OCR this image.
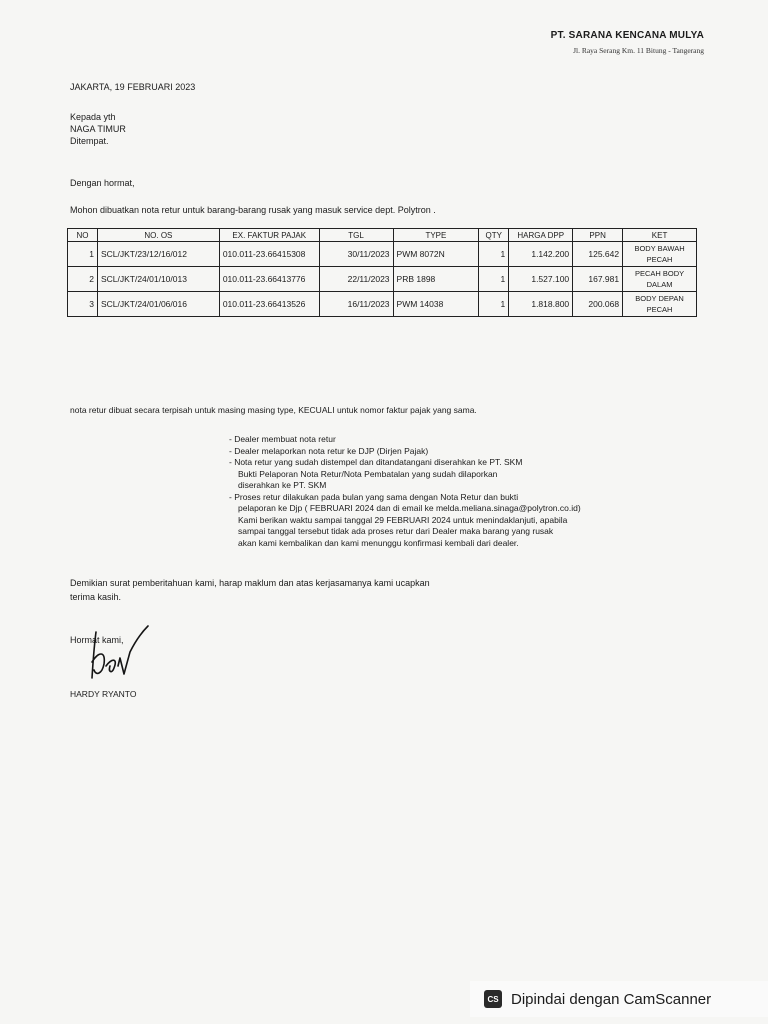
PT. SARANA KENCANA MULYA
Jl. Raya Serang Km. 11 Bitung - Tangerang
JAKARTA, 19 FEBRUARI 2023
Kepada yth
NAGA TIMUR
Ditempat.
Dengan hormat,
Mohon dibuatkan nota retur untuk barang-barang rusak yang masuk service dept. Polytron .
NO	NO. OS	EX. FAKTUR PAJAK	TGL	TYPE	QTY	HARGA DPP	PPN	KET
1	SCL/JKT/23/12/16/012	010.011-23.66415308	30/11/2023	PWM 8072N	1	1.142.200	125.642	BODY BAWAH PECAH
2	SCL/JKT/24/01/10/013	010.011-23.66413776	22/11/2023	PRB 1898	1	1.527.100	167.981	PECAH BODY DALAM
3	SCL/JKT/24/01/06/016	010.011-23.66413526	16/11/2023	PWM 14038	1	1.818.800	200.068	BODY DEPAN PECAH
nota retur dibuat secara terpisah untuk masing masing type, KECUALI untuk nomor faktur pajak yang sama.
- Dealer membuat nota retur
- Dealer melaporkan nota retur ke DJP (Dirjen Pajak)
- Nota retur yang sudah distempel dan ditandatangani diserahkan ke PT. SKM
Bukti Pelaporan Nota Retur/Nota Pembatalan yang sudah dilaporkan
diserahkan ke PT. SKM
- Proses retur dilakukan pada bulan yang sama dengan Nota Retur dan bukti
pelaporan ke Djp ( FEBRUARI 2024 dan di email ke melda.meliana.sinaga@polytron.co.id)
Kami berikan waktu sampai tanggal 29 FEBRUARI 2024 untuk menindaklanjuti, apabila
sampai tanggal tersebut tidak ada proses retur dari Dealer maka barang yang rusak
akan kami kembalikan dan kami menunggu konfirmasi kembali dari dealer.
Demikian surat pemberitahuan kami, harap maklum dan atas kerjasamanya kami ucapkan
terima kasih.
Hormat kami,
HARDY RYANTO
CS Dipindai dengan CamScanner
